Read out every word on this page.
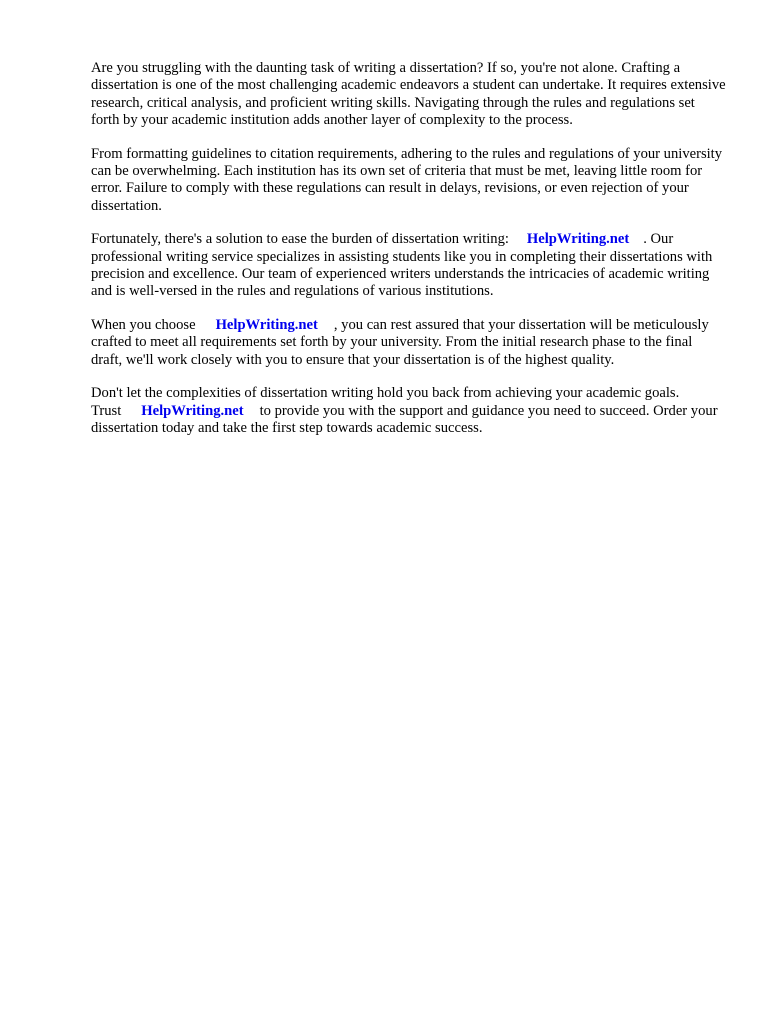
Are you struggling with the daunting task of writing a dissertation? If so, you're not alone. Crafting a dissertation is one of the most challenging academic endeavors a student can undertake. It requires extensive research, critical analysis, and proficient writing skills. Navigating through the rules and regulations set forth by your academic institution adds another layer of complexity to the process.

From formatting guidelines to citation requirements, adhering to the rules and regulations of your university can be overwhelming. Each institution has its own set of criteria that must be met, leaving little room for error. Failure to comply with these regulations can result in delays, revisions, or even rejection of your dissertation.

Fortunately, there's a solution to ease the burden of dissertation writing: HelpWriting.net . Our professional writing service specializes in assisting students like you in completing their dissertations with precision and excellence. Our team of experienced writers understands the intricacies of academic writing and is well-versed in the rules and regulations of various institutions.

When you choose HelpWriting.net , you can rest assured that your dissertation will be meticulously crafted to meet all requirements set forth by your university. From the initial research phase to the final draft, we'll work closely with you to ensure that your dissertation is of the highest quality.

Don't let the complexities of dissertation writing hold you back from achieving your academic goals. Trust HelpWriting.net to provide you with the support and guidance you need to succeed. Order your dissertation today and take the first step towards academic success.
